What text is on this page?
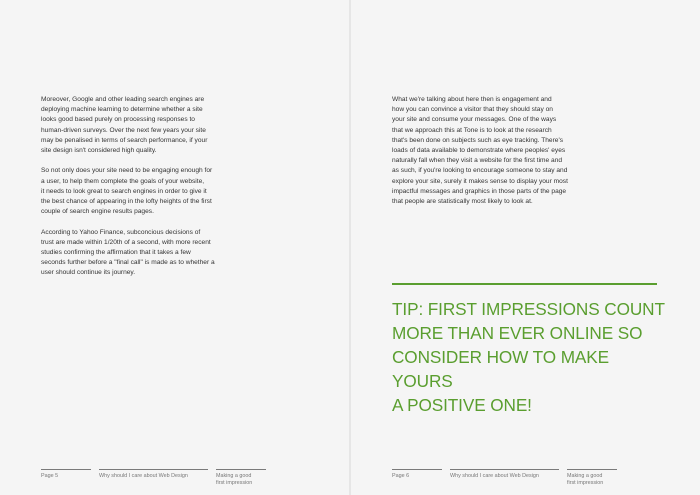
Moreover, Google and other leading search engines are
deploying machine learning to determine whether a site
looks good based purely on processing responses to
human-driven surveys. Over the next few years your site
may be penalised in terms of search performance, if your
site design isn't considered high quality.

So not only does your site need to be engaging enough for
a user, to help them complete the goals of your website,
it needs to look great to search engines in order to give it
the best chance of appearing in the lofty heights of the first
couple of search engine results pages.

According to Yahoo Finance, subconcious decisions of
trust are made within 1/20th of a second, with more recent
studies confirming the affirmation that it takes a few
seconds further before a "final call" is made as to whether a
user should continue its journey.

Page 5	Why should I care about Web Design	Making a good
first impression

What we're talking about here then is engagement and
how you can convince a visitor that they should stay on
your site and consume your messages. One of the ways
that we approach this at Tone is to look at the research
that's been done on subjects such as eye tracking. There's
loads of data available to demonstrate where peoples' eyes
naturally fall when they visit a website for the first time and
as such, if you're looking to encourage someone to stay and
explore your site, surely it makes sense to display your most
impactful messages and graphics in those parts of the page
that people are statistically most likely to look at.

TIP: FIRST IMPRESSIONS COUNT
MORE THAN EVER ONLINE SO
CONSIDER HOW TO MAKE YOURS
A POSITIVE ONE!
Page 6	Why should I care about Web Design	Making a good
first impression
